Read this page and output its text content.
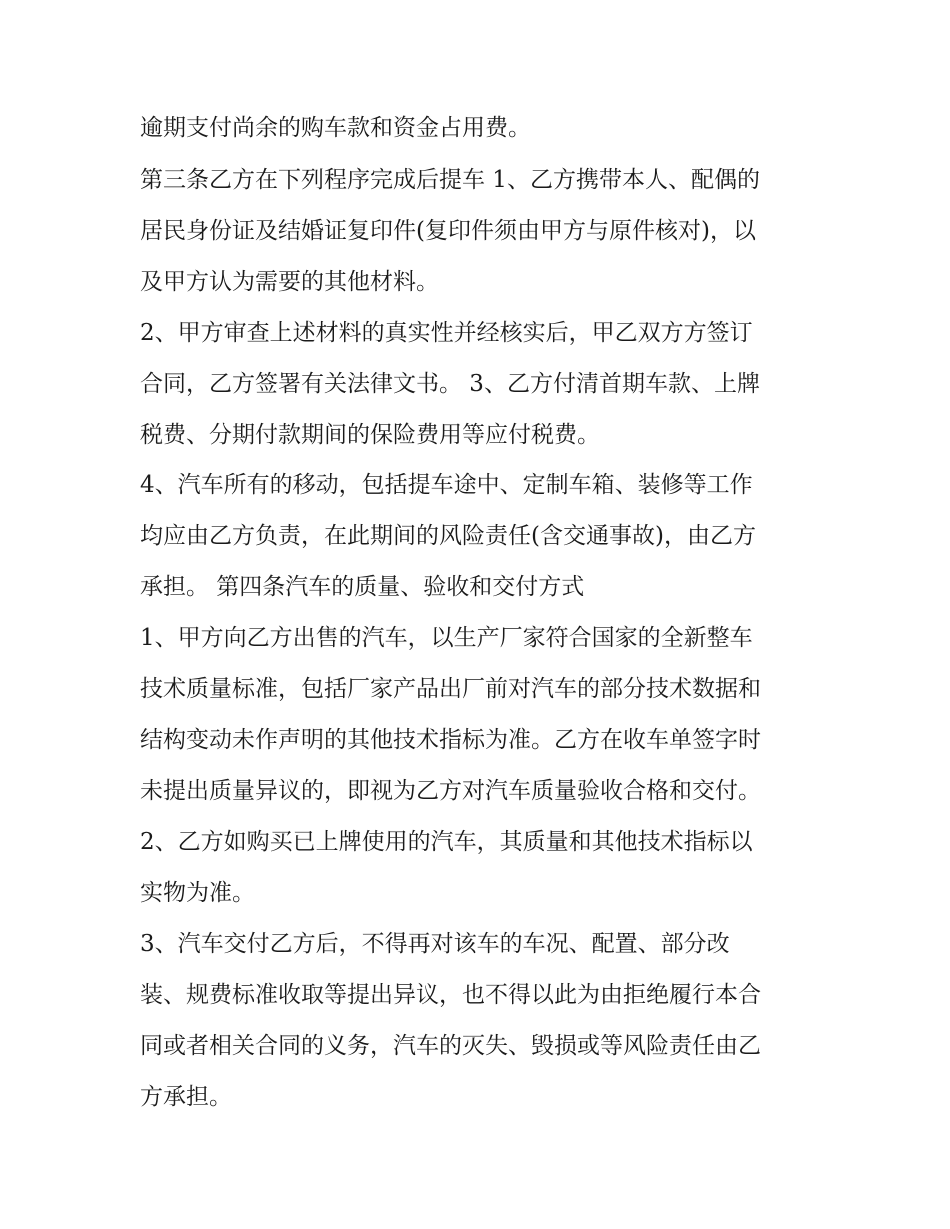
逾期支付尚余的购车款和资金占用费。

第三条乙方在下列程序完成后提车 1、乙方携带本人、配偶的

居民身份证及结婚证复印件(复印件须由甲方与原件核对)，以

及甲方认为需要的其他材料。

2、甲方审查上述材料的真实性并经核实后，甲乙双方方签订

合同，乙方签署有关法律文书。 3、乙方付清首期车款、上牌

税费、分期付款期间的保险费用等应付税费。

4、汽车所有的移动，包括提车途中、定制车箱、装修等工作

均应由乙方负责，在此期间的风险责任(含交通事故)，由乙方

承担。 第四条汽车的质量、验收和交付方式

1、甲方向乙方出售的汽车，以生产厂家符合国家的全新整车

技术质量标准，包括厂家产品出厂前对汽车的部分技术数据和

结构变动未作声明的其他技术指标为准。乙方在收车单签字时

未提出质量异议的，即视为乙方对汽车质量验收合格和交付。

2、乙方如购买已上牌使用的汽车，其质量和其他技术指标以

实物为准。

3、汽车交付乙方后，不得再对该车的车况、配置、部分改

装、规费标准收取等提出异议，也不得以此为由拒绝履行本合

同或者相关合同的义务，汽车的灭失、毁损或等风险责任由乙

方承担。
